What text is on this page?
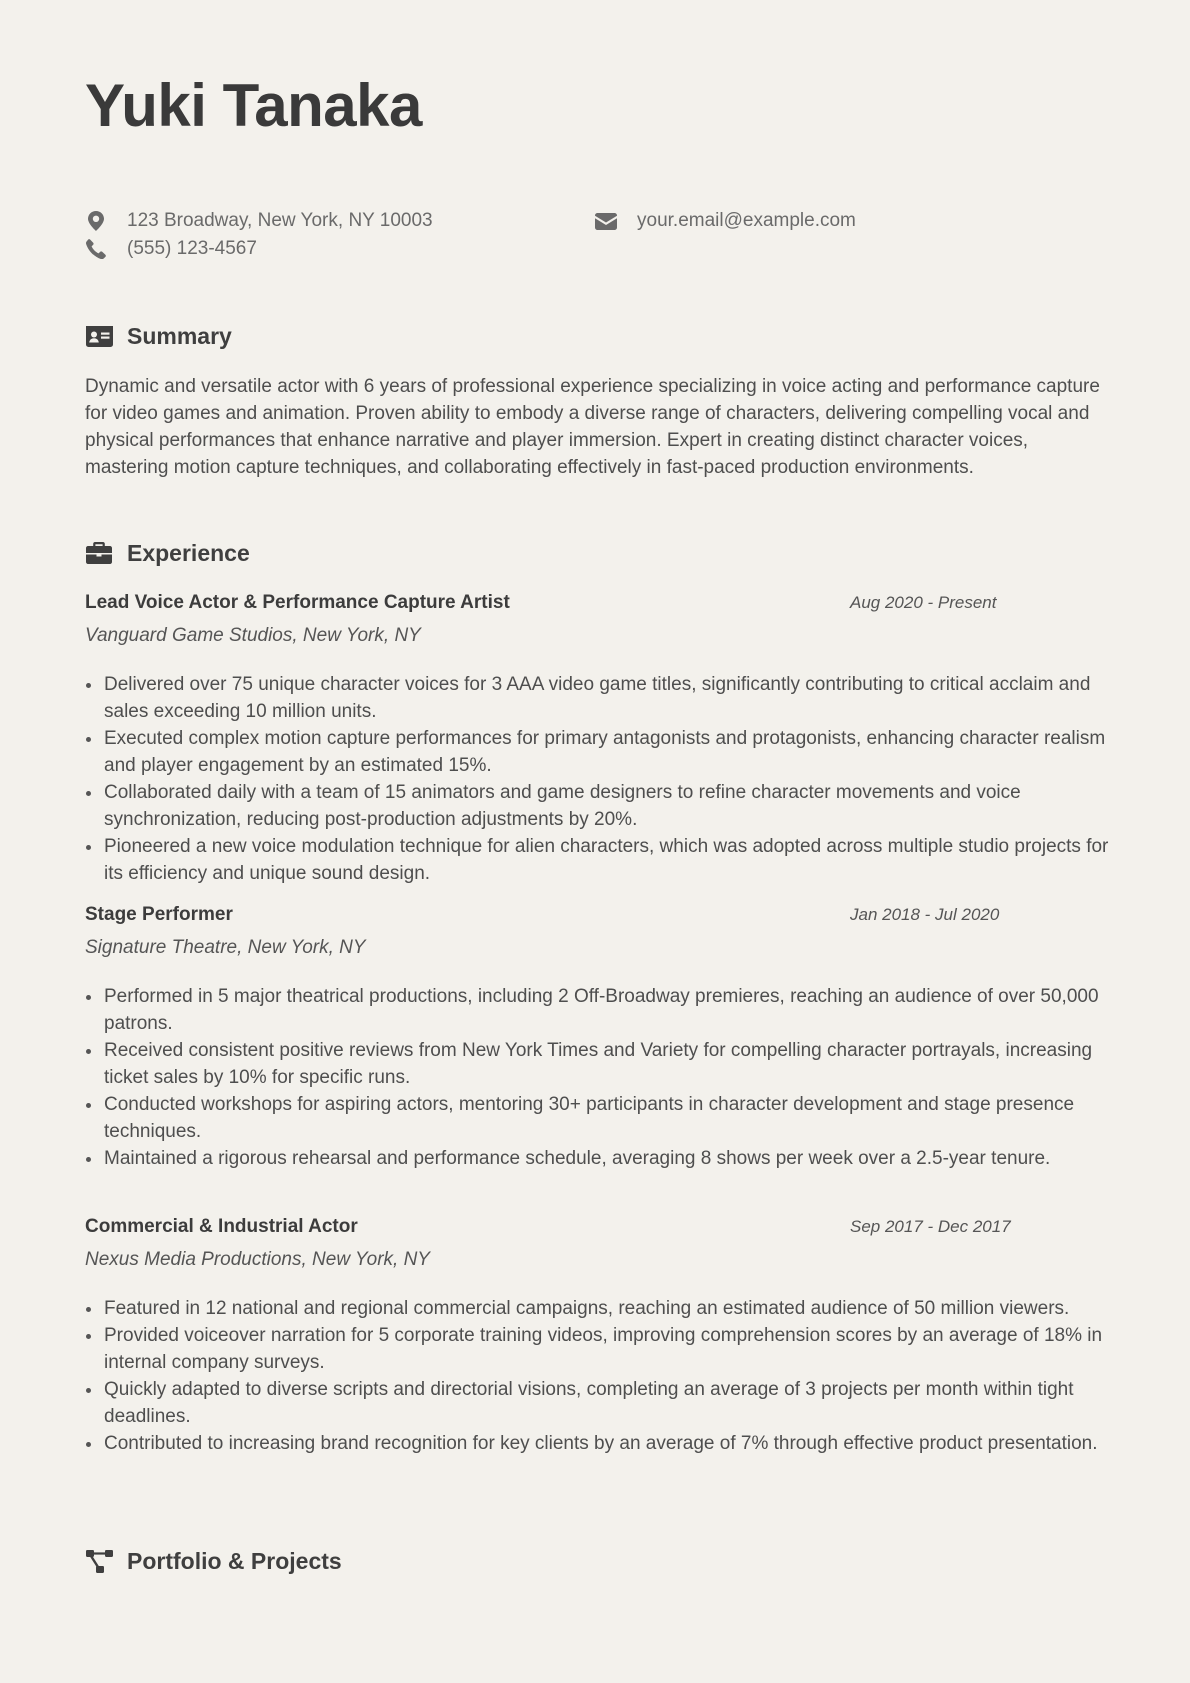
Yuki Tanaka
123 Broadway, New York, NY 10003	your.email@example.com
(555) 123-4567
Summary

Dynamic and versatile actor with 6 years of professional experience specializing in voice acting and performance capture for video games and animation. Proven ability to embody a diverse range of characters, delivering compelling vocal and physical performances that enhance narrative and player immersion. Expert in creating distinct character voices, mastering motion capture techniques, and collaborating effectively in fast-paced production environments.

Experience
Lead Voice Actor & Performance Capture Artist	Aug 2020 - Present
Vanguard Game Studios, New York, NY
Delivered over 75 unique character voices for 3 AAA video game titles, significantly contributing to critical acclaim and sales exceeding 10 million units.
Executed complex motion capture performances for primary antagonists and protagonists, enhancing character realism and player engagement by an estimated 15%.
Collaborated daily with a team of 15 animators and game designers to refine character movements and voice synchronization, reducing post-production adjustments by 20%.
Pioneered a new voice modulation technique for alien characters, which was adopted across multiple studio projects for its efficiency and unique sound design.
Stage Performer	Jan 2018 - Jul 2020
Signature Theatre, New York, NY
Performed in 5 major theatrical productions, including 2 Off-Broadway premieres, reaching an audience of over 50,000 patrons.
Received consistent positive reviews from New York Times and Variety for compelling character portrayals, increasing ticket sales by 10% for specific runs.
Conducted workshops for aspiring actors, mentoring 30+ participants in character development and stage presence techniques.
Maintained a rigorous rehearsal and performance schedule, averaging 8 shows per week over a 2.5-year tenure.
Commercial & Industrial Actor	Sep 2017 - Dec 2017
Nexus Media Productions, New York, NY
Featured in 12 national and regional commercial campaigns, reaching an estimated audience of 50 million viewers.
Provided voiceover narration for 5 corporate training videos, improving comprehension scores by an average of 18% in internal company surveys.
Quickly adapted to diverse scripts and directorial visions, completing an average of 3 projects per month within tight deadlines.
Contributed to increasing brand recognition for key clients by an average of 7% through effective product presentation.
Portfolio & Projects
